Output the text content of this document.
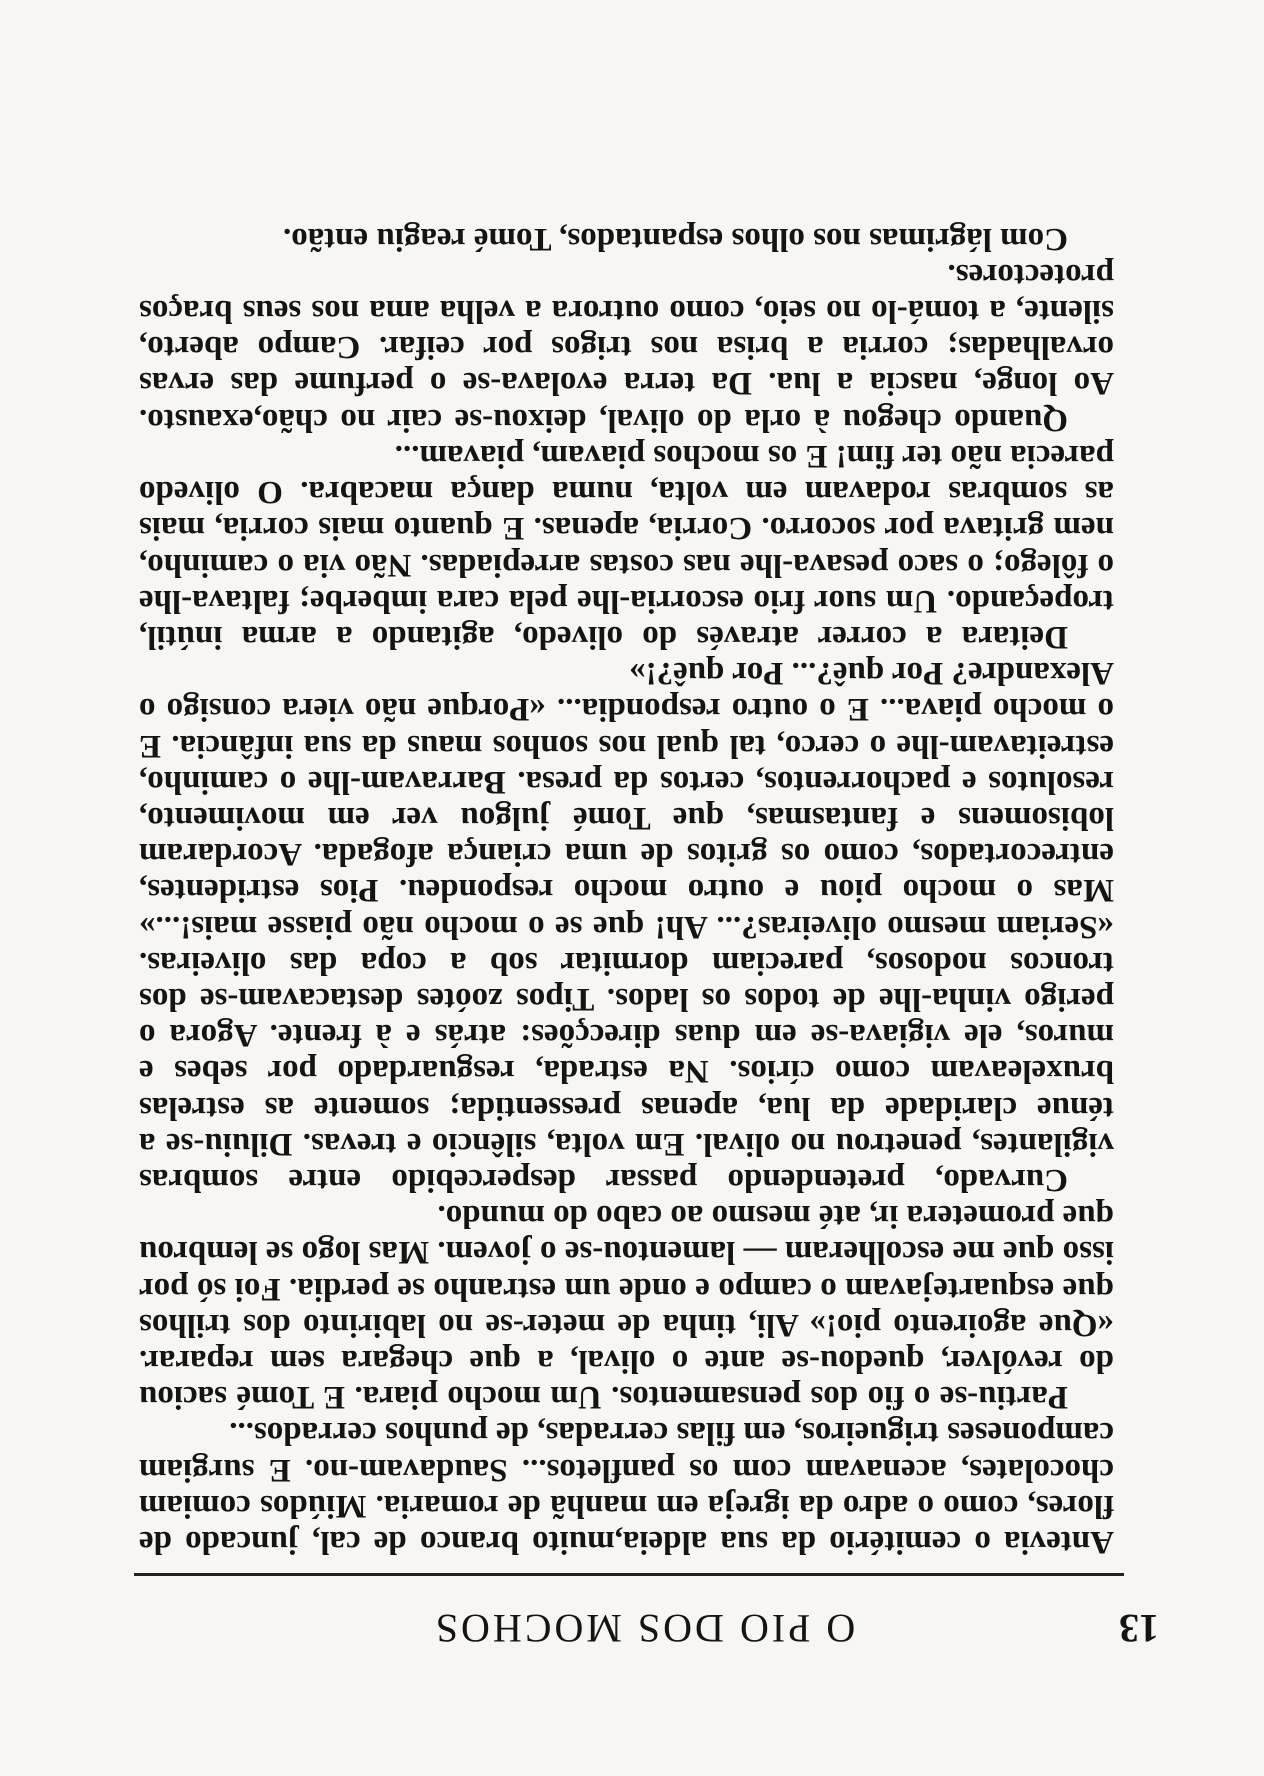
13
O PIO DOS MOCHOS

Antevia o cemitério da sua aldeia,muito branco de cal, juncado de flores, como o adro da igreja em manhã de romaria. Miúdos comiam chocolates, acenavam com os panfletos... Saudavam-no. E surgiam camponeses trigueiros, em filas cerradas, de punhos cerrados...

Partiu-se o fio dos pensamentos. Um mocho piara. E Tomé saciou do revólver, quedou-se ante o olival, a que chegara sem reparar. «Que agoirento pio!» Ali, tinha de meter-se no labirinto dos trilhos que esquartejavam o campo e onde um estranho se perdia. Foi só por isso que me escolheram — lamentou-se o jovem. Mas logo se lembrou que prometera ir, até mesmo ao cabo do mundo.

Curvado, pretendendo passar despercebido entre sombras vigilantes, penetrou no olival. Em volta, silêncio e trevas. Diluiu-se a ténue claridade da lua, apenas pressentida; somente as estrelas bruxeleavam como círios. Na estrada, resguardado por sebes e muros, ele vigiava-se em duas direcções: atrás e à frente. Agora o perigo vinha-lhe de todos os lados. Tipos zoótes destacavam-se dos troncos nodosos, pareciam dormitar sob a copa das oliveiras. «Seriam mesmo oliveiras?... Ah! que se o mocho não piasse mais!...» Mas o mocho piou e outro mocho respondeu. Pios estridentes, entrecortados, como os gritos de uma criança afogada. Acordaram lobisomens e fantasmas, que Tomé julgou ver em movimento, resolutos e pachorrentos, certos da presa. Barravam-lhe o caminho, estreitavam-lhe o cerco, tal qual nos sonhos maus da sua infância. E o mocho piava... E o outro respondia... «Porque não viera consigo o Alexandre? Por quê?... Por quê?!»

Deitara a correr através do olivedo, agitando a arma inútil, tropeçando. Um suor frio escorria-lhe pela cara imberbe; faltava-lhe o fôlego; o saco pesava-lhe nas costas arrepiadas. Não via o caminho, nem gritava por socorro. Corria, apenas. E quanto mais corria, mais as sombras rodavam em volta, numa dança macabra. O olivedo parecia não ter fim! E os mochos piavam, piavam...

Quando chegou à orla do olival, deixou-se cair no chão,exausto. Ao longe, nascia a lua. Da terra evolava-se o perfume das ervas orvalhadas; corria a brisa nos trigos por ceifar. Campo aberto, silente, a tomá-lo no seio, como outrora a velha ama nos seus braços protectores.

Com lágrimas nos olhos espantados, Tomé reagiu então.
